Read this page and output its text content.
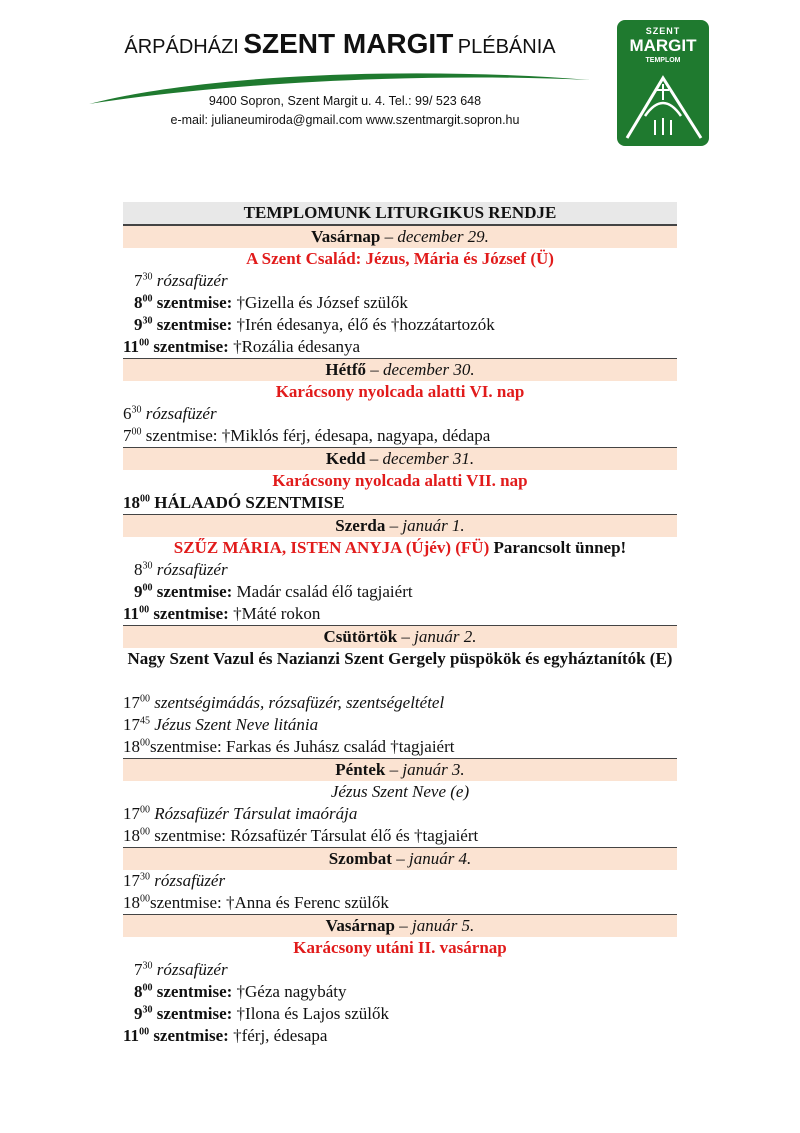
ÁRPÁDHÁZI SZENT MARGIT PLÉBÁNIA
9400 Sopron, Szent Margit u. 4. Tel.: 99/ 523 648
e-mail: julianeumiroda@gmail.com www.szentmargit.sopron.hu
SZENT
MARGIT
TEMPLOM
TEMPLOMUNK LITURGIKUS RENDJE
Vasárnap – december 29.
A Szent Család: Jézus, Mária és József (Ü)
$7^{30}$ rózsafüzér
$8^{00}$ szentmise: †Gizella és József szülők
$9^{30}$ szentmise: †Irén édesanya, élő és †hozzátartozók
$11^{00}$ szentmise: †Rozália édesanya
Hétfő – december 30.
Karácsony nyolcada alatti VI. nap
$6^{30}$ rózsafüzér
$7^{00}$ szentmise: †Miklós férj, édesapa, nagyapa, dédapa
Kedd – december 31.
Karácsony nyolcada alatti VII. nap
$18^{00}$ HÁLAADÓ SZENTMISE
Szerda – január 1.
SZŰZ MÁRIA, ISTEN ANYJA (Újév) (FÜ) Parancsolt ünnep!
$8^{30}$ rózsafüzér
$9^{00}$ szentmise: Madár család élő tagjaiért
$11^{00}$ szentmise: †Máté rokon
Csütörtök – január 2.
Nagy Szent Vazul és Nazianzi Szent Gergely püspökök és egyháztanítók (E)
$17^{00}$ szentségimádás, rózsafüzér, szentségeltétel
$17^{45}$ Jézus Szent Neve litánia
$18^{00}szentmise$: Farkas és Juhász család †tagjaiért
Péntek – január 3.
Jézus Szent Neve (e)
$17^{00}$ Rózsafüzér Társulat imaórája
$18^{00}$ szentmise: Rózsafüzér Társulat élő és †tagjaiért
Szombat – január 4.
$17^{30}$ rózsafüzér
$18^{00}szentmise$: †Anna és Ferenc szülők
Vasárnap – január 5.
Karácsony utáni II. vasárnap
$7^{30}$ rózsafüzér
$8^{00}$ szentmise: †Géza nagybáty
$9^{30}$ szentmise: †Ilona és Lajos szülők
$11^{00}$ szentmise: †férj, édesapa
